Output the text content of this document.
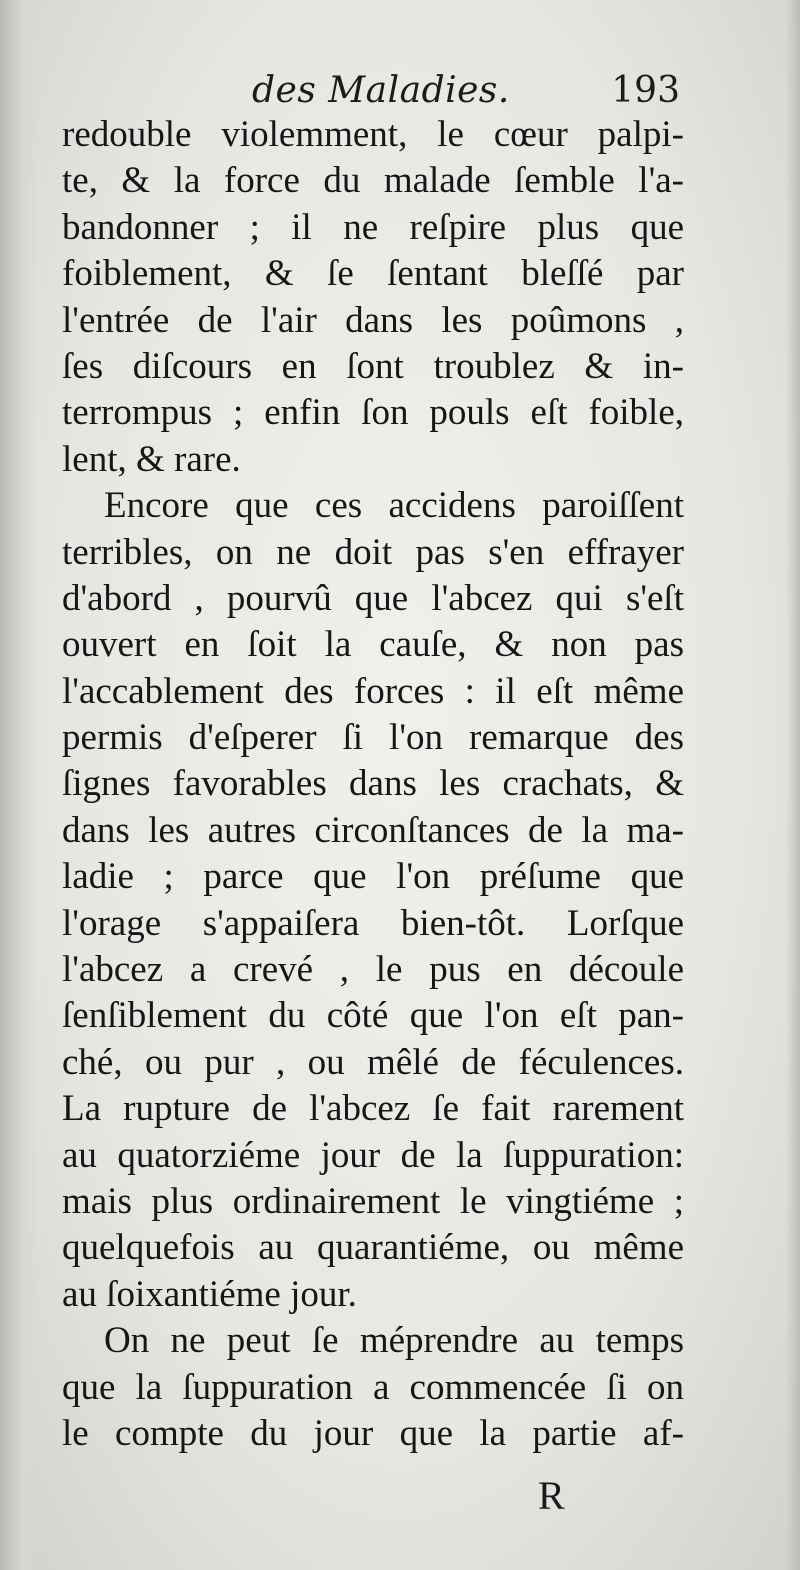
des Maladies.	193
redouble violemment, le cœur palpi-
te, & la force du malade ſemble l'a-
bandonner ; il ne reſpire plus que
foiblement, & ſe ſentant bleſſé par
l'entrée de l'air dans les poûmons ,
ſes diſcours en ſont troublez & in-
terrompus ; enfin ſon pouls eſt foible,
lent, & rare.
Encore que ces accidens paroiſſent
terribles, on ne doit pas s'en effrayer
d'abord , pourvû que l'abcez qui s'eſt
ouvert en ſoit la cauſe, & non pas
l'accablement des forces : il eſt même
permis d'eſperer ſi l'on remarque des
ſignes favorables dans les crachats, &
dans les autres circonſtances de la ma-
ladie ; parce que l'on préſume que
l'orage s'appaiſera bien-tôt. Lorſque
l'abcez a crevé , le pus en découle
ſenſiblement du côté que l'on eſt pan-
ché, ou pur , ou mêlé de féculences.
La rupture de l'abcez ſe fait rarement
au quatorziéme jour de la ſuppuration:
mais plus ordinairement le vingtiéme ;
quelquefois au quarantiéme, ou même
au ſoixantiéme jour.
On ne peut ſe méprendre au temps
que la ſuppuration a commencée ſi on
le compte du jour que la partie af-
R
